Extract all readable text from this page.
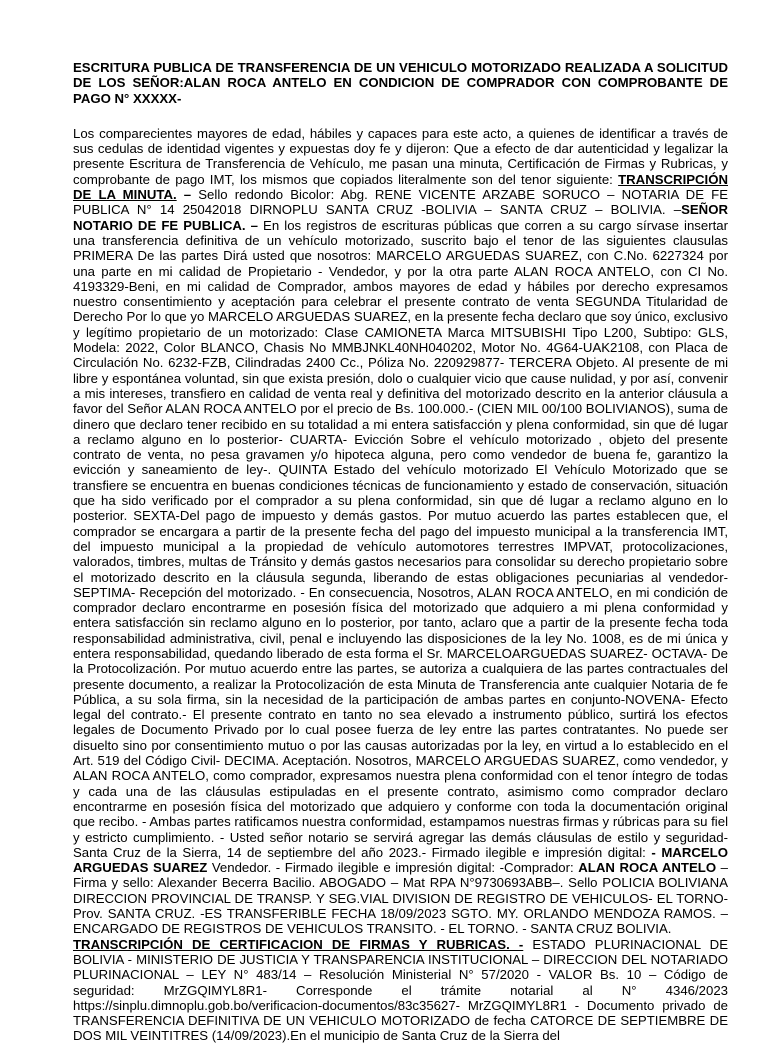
ESCRITURA PUBLICA DE TRANSFERENCIA DE UN VEHICULO MOTORIZADO REALIZADA A SOLICITUD DE LOS SEÑOR:ALAN ROCA ANTELO EN CONDICION DE COMPRADOR CON COMPROBANTE DE PAGO N° XXXXX-

Los comparecientes mayores de edad, hábiles y capaces para este acto, a quienes de identificar a través de sus cedulas de identidad vigentes y expuestas doy fe y dijeron: Que a efecto de dar autenticidad y legalizar la presente Escritura de Transferencia de Vehículo, me pasan una minuta, Certificación de Firmas y Rubricas, y comprobante de pago IMT, los mismos que copiados literalmente son del tenor siguiente: TRANSCRIPCIÓN DE LA MINUTA. – Sello redondo Bicolor: Abg. RENE VICENTE ARZABE SORUCO – NOTARIA DE FE PUBLICA N° 14 25042018 DIRNOPLU SANTA CRUZ -BOLIVIA – SANTA CRUZ – BOLIVIA. –SEÑOR NOTARIO DE FE PUBLICA. – En los registros de escrituras públicas que corren a su cargo sírvase insertar una transferencia definitiva de un vehículo motorizado, suscrito bajo el tenor de las siguientes clausulas PRIMERA De las partes Dirá usted que nosotros: MARCELO ARGUEDAS SUAREZ, con C.No. 6227324 por una parte en mi calidad de Propietario - Vendedor, y por la otra parte ALAN ROCA ANTELO, con CI No. 4193329-Beni, en mi calidad de Comprador, ambos mayores de edad y hábiles por derecho expresamos nuestro consentimiento y aceptación para celebrar el presente contrato de venta SEGUNDA Titularidad de Derecho Por lo que yo MARCELO ARGUEDAS SUAREZ, en la presente fecha declaro que soy único, exclusivo y legítimo propietario de un motorizado: Clase CAMIONETA Marca MITSUBISHI Tipo L200, Subtipo: GLS, Modela: 2022, Color BLANCO, Chasis No MMBJNKL40NH040202, Motor No. 4G64-UAK2108, con Placa de Circulación No. 6232-FZB, Cilindradas 2400 Cc., Póliza No. 220929877- TERCERA Objeto. Al presente de mi libre y espontánea voluntad, sin que exista presión, dolo o cualquier vicio que cause nulidad, y por así, convenir a mis intereses, transfiero en calidad de venta real y definitiva del motorizado descrito en la anterior cláusula a favor del Señor ALAN ROCA ANTELO por el precio de Bs. 100.000.- (CIEN MIL 00/100 BOLIVIANOS), suma de dinero que declaro tener recibido en su totalidad a mi entera satisfacción y plena conformidad, sin que dé lugar a reclamo alguno en lo posterior- CUARTA- Evicción Sobre el vehículo motorizado , objeto del presente contrato de venta, no pesa gravamen y/o hipoteca alguna, pero como vendedor de buena fe, garantizo la evicción y saneamiento de ley-. QUINTA Estado del vehículo motorizado El Vehículo Motorizado que se transfiere se encuentra en buenas condiciones técnicas de funcionamiento y estado de conservación, situación que ha sido verificado por el comprador a su plena conformidad, sin que dé lugar a reclamo alguno en lo posterior. SEXTA-Del pago de impuesto y demás gastos. Por mutuo acuerdo las partes establecen que, el comprador se encargara a partir de la presente fecha del pago del impuesto municipal a la transferencia IMT, del impuesto municipal a la propiedad de vehículo automotores terrestres IMPVAT, protocolizaciones, valorados, timbres, multas de Tránsito y demás gastos necesarios para consolidar su derecho propietario sobre el motorizado descrito en la cláusula segunda, liberando de estas obligaciones pecuniarias al vendedor-SEPTIMA- Recepción del motorizado. - En consecuencia, Nosotros, ALAN ROCA ANTELO, en mi condición de comprador declaro encontrarme en posesión física del motorizado que adquiero a mi plena conformidad y entera satisfacción sin reclamo alguno en lo posterior, por tanto, aclaro que a partir de la presente fecha toda responsabilidad administrativa, civil, penal e incluyendo las disposiciones de la ley No. 1008, es de mi única y entera responsabilidad, quedando liberado de esta forma el Sr. MARCELOARGUEDAS SUAREZ- OCTAVA- De la Protocolización. Por mutuo acuerdo entre las partes, se autoriza a cualquiera de las partes contractuales del presente documento, a realizar la Protocolización de esta Minuta de Transferencia ante cualquier Notaria de fe Pública, a su sola firma, sin la necesidad de la participación de ambas partes en conjunto-NOVENA- Efecto legal del contrato.- El presente contrato en tanto no sea elevado a instrumento público, surtirá los efectos legales de Documento Privado por lo cual posee fuerza de ley entre las partes contratantes. No puede ser disuelto sino por consentimiento mutuo o por las causas autorizadas por la ley, en virtud a lo establecido en el Art. 519 del Código Civil- DECIMA. Aceptación. Nosotros, MARCELO ARGUEDAS SUAREZ, como vendedor, y ALAN ROCA ANTELO, como comprador, expresamos nuestra plena conformidad con el tenor íntegro de todas y cada una de las cláusulas estipuladas en el presente contrato, asimismo como comprador declaro encontrarme en posesión física del motorizado que adquiero y conforme con toda la documentación original que recibo. - Ambas partes ratificamos nuestra conformidad, estampamos nuestras firmas y rúbricas para su fiel y estricto cumplimiento. - Usted señor notario se servirá agregar las demás cláusulas de estilo y seguridad- Santa Cruz de la Sierra, 14 de septiembre del año 2023.- Firmado ilegible e impresión digital: - MARCELO ARGUEDAS SUAREZ Vendedor. - Firmado ilegible e impresión digital: -Comprador: ALAN ROCA ANTELO – Firma y sello: Alexander Becerra Bacilio. ABOGADO – Mat RPA N°9730693ABB–. Sello POLICIA BOLIVIANA DIRECCION PROVINCIAL DE TRANSP. Y SEG.VIAL DIVISION DE REGISTRO DE VEHICULOS- EL TORNO- Prov. SANTA CRUZ. -ES TRANSFERIBLE FECHA 18/09/2023 SGTO. MY. ORLANDO MENDOZA RAMOS. – ENCARGADO DE REGISTROS DE VEHICULOS TRANSITO. - EL TORNO. - SANTA CRUZ BOLIVIA.
TRANSCRIPCIÓN DE CERTIFICACION DE FIRMAS Y RUBRICAS. - ESTADO PLURINACIONAL DE BOLIVIA - MINISTERIO DE JUSTICIA Y TRANSPARENCIA INSTITUCIONAL – DIRECCION DEL NOTARIADO PLURINACIONAL – LEY N° 483/14 – Resolución Ministerial N° 57/2020 - VALOR Bs. 10 – Código de seguridad: MrZGQIMYL8R1- Corresponde el trámite notarial al N° 4346/2023 https://sinplu.dimnoplu.gob.bo/verificacion-documentos/83c35627- MrZGQIMYL8R1 - Documento privado de TRANSFERENCIA DEFINITIVA DE UN VEHICULO MOTORIZADO de fecha CATORCE DE SEPTIEMBRE DE DOS MIL VEINTITRES (14/09/2023).En el municipio de Santa Cruz de la Sierra del
